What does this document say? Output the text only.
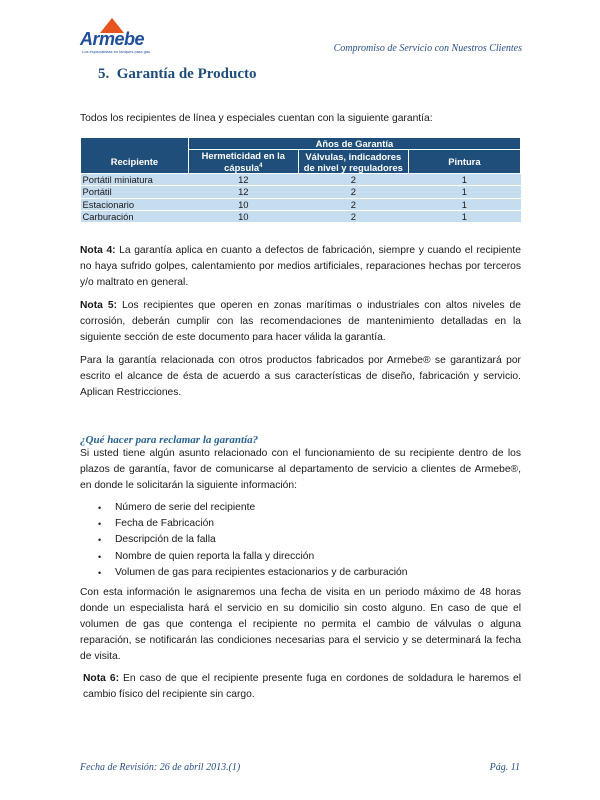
Armebe
Los especialistas en tanques para gas	Compromiso de Servicio con Nuestros Clientes
5. Garantía de Producto

Todos los recipientes de línea y especiales cuentan con la siguiente garantía:

	Años de Garantía		
Recipiente	Hermeticidad en la cápsula$^4$	Válvulas, indicadores de nivel y reguladores	Pintura
Portátil miniatura	12	2	1
Portátil	12	2	1
Estacionario	10	2	1
Carburación	10	2	1

Nota 4: La garantía aplica en cuanto a defectos de fabricación, siempre y cuando el recipiente no haya sufrido golpes, calentamiento por medios artificiales, reparaciones hechas por terceros y/o maltrato en general.

Nota 5: Los recipientes que operen en zonas marítimas o industriales con altos niveles de corrosión, deberán cumplir con las recomendaciones de mantenimiento detalladas en la siguiente sección de este documento para hacer válida la garantía.

Para la garantía relacionada con otros productos fabricados por Armebe® se garantizará por escrito el alcance de ésta de acuerdo a sus características de diseño, fabricación y servicio. Aplican Restricciones.

¿Qué hacer para reclamar la garantía?

Si usted tiene algún asunto relacionado con el funcionamiento de su recipiente dentro de los plazos de garantía, favor de comunicarse al departamento de servicio a clientes de Armebe®, en donde le solicitarán la siguiente información:

• Número de serie del recipiente
• Fecha de Fabricación
• Descripción de la falla
• Nombre de quien reporta la falla y dirección
• Volumen de gas para recipientes estacionarios y de carburación

Con esta información le asignaremos una fecha de visita en un periodo máximo de 48 horas donde un especialista hará el servicio en su domicilio sin costo alguno. En caso de que el volumen de gas que contenga el recipiente no permita el cambio de válvulas o alguna reparación, se notificarán las condiciones necesarias para el servicio y se determinará la fecha de visita.

Nota 6: En caso de que el recipiente presente fuga en cordones de soldadura le haremos el cambio físico del recipiente sin cargo.

Fecha de Revisión: 26 de abril 2013.(1)	Pág. 11
